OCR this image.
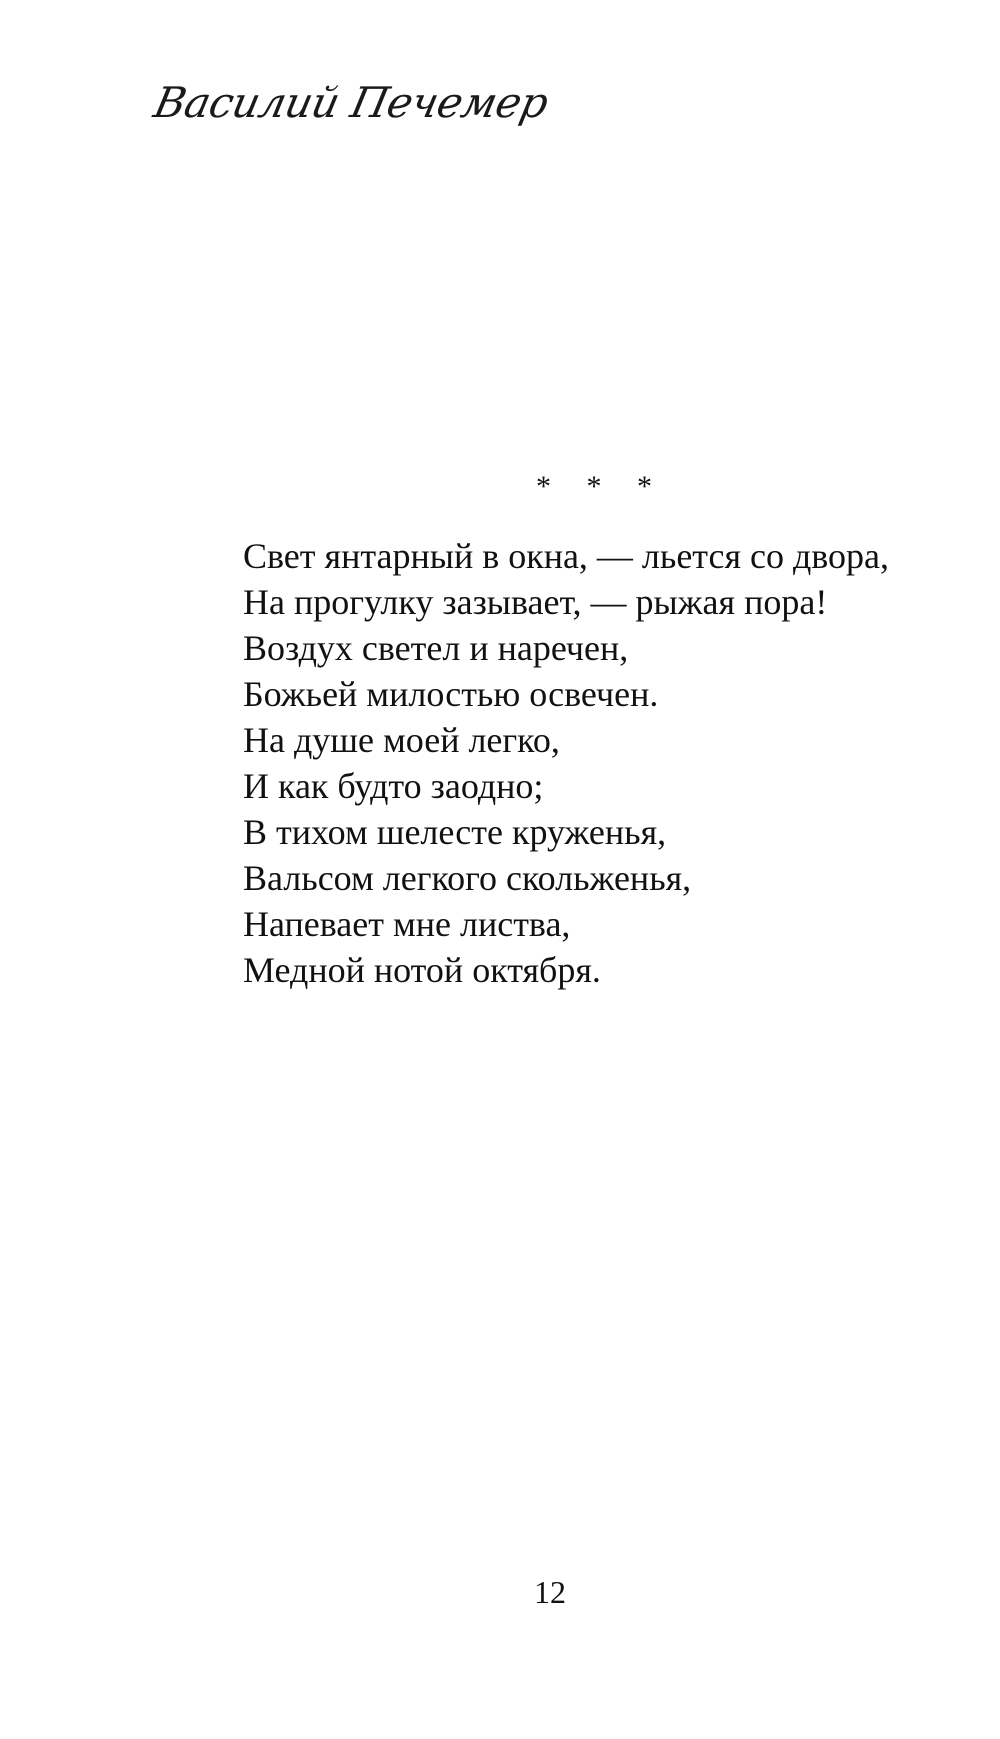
Василий Печемер
* * *
Свет янтарный в окна, — льется со двора,
На прогулку зазывает, — рыжая пора!
Воздух светел и наречен,
Божьей милостью освечен.
На душе моей легко,
И как будто заодно;
В тихом шелесте круженья,
Вальсом легкого скольженья,
Напевает мне листва,
Медной нотой октября.
12
